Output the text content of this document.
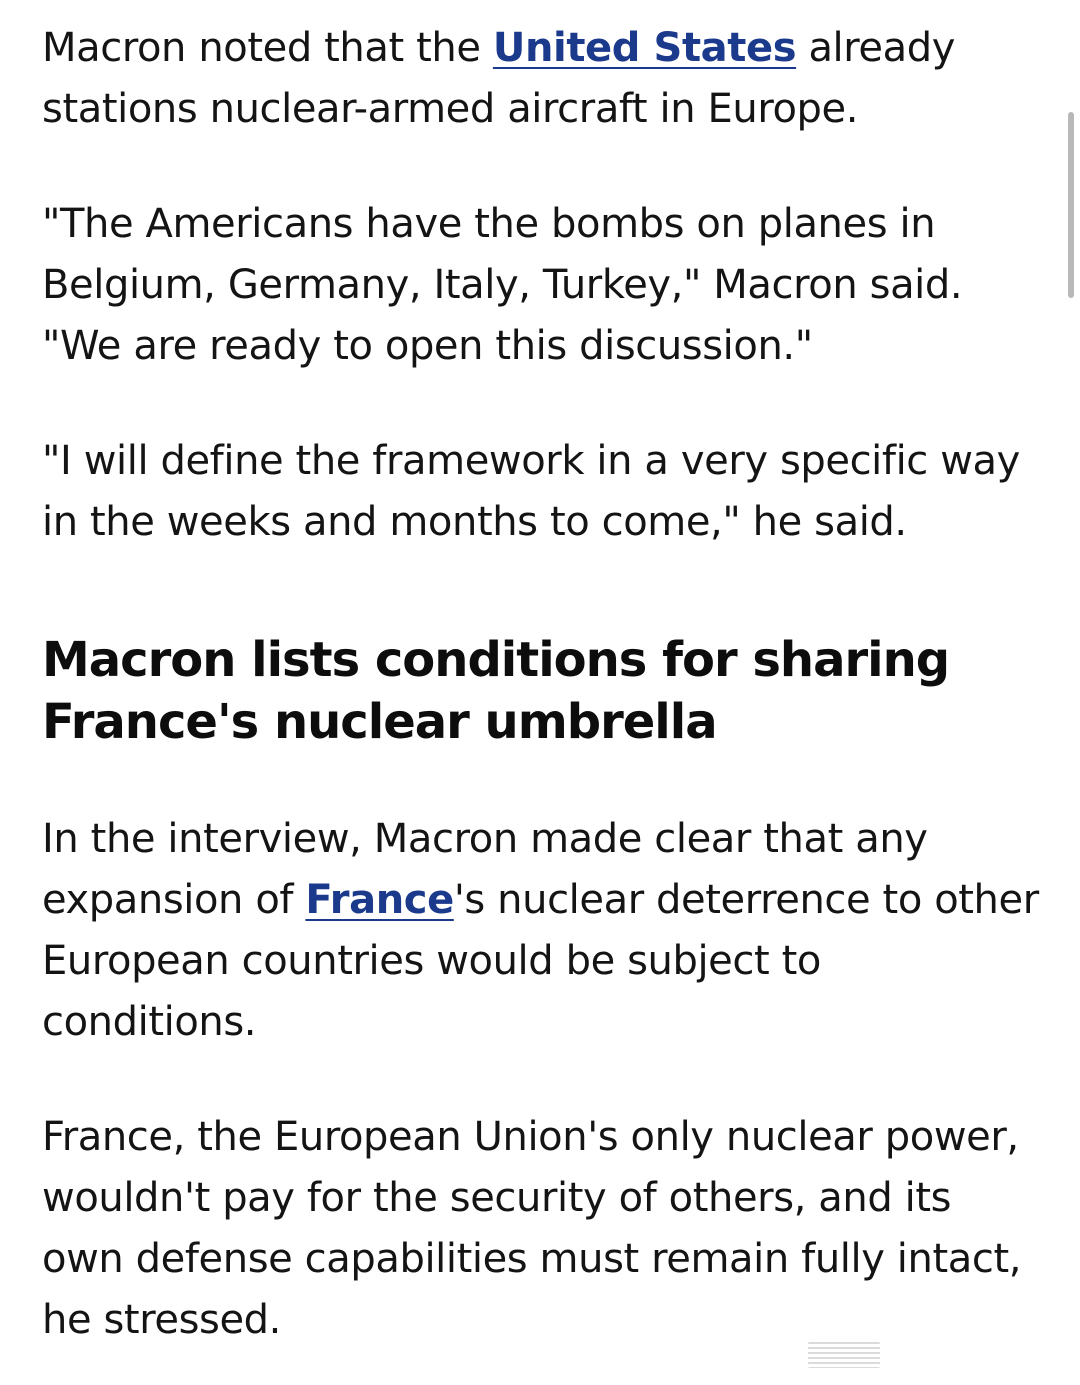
Macron noted that the United States already stations nuclear-armed aircraft in Europe.

"The Americans have the bombs on planes in Belgium, Germany, Italy, Turkey," Macron said. "We are ready to open this discussion."

"I will define the framework in a very specific way in the weeks and months to come," he said.

Macron lists conditions for sharing France's nuclear umbrella

In the interview, Macron made clear that any expansion of France's nuclear deterrence to other European countries would be subject to conditions.

France, the European Union's only nuclear power, wouldn't pay for the security of others, and its own defense capabilities must remain fully intact, he stressed.
